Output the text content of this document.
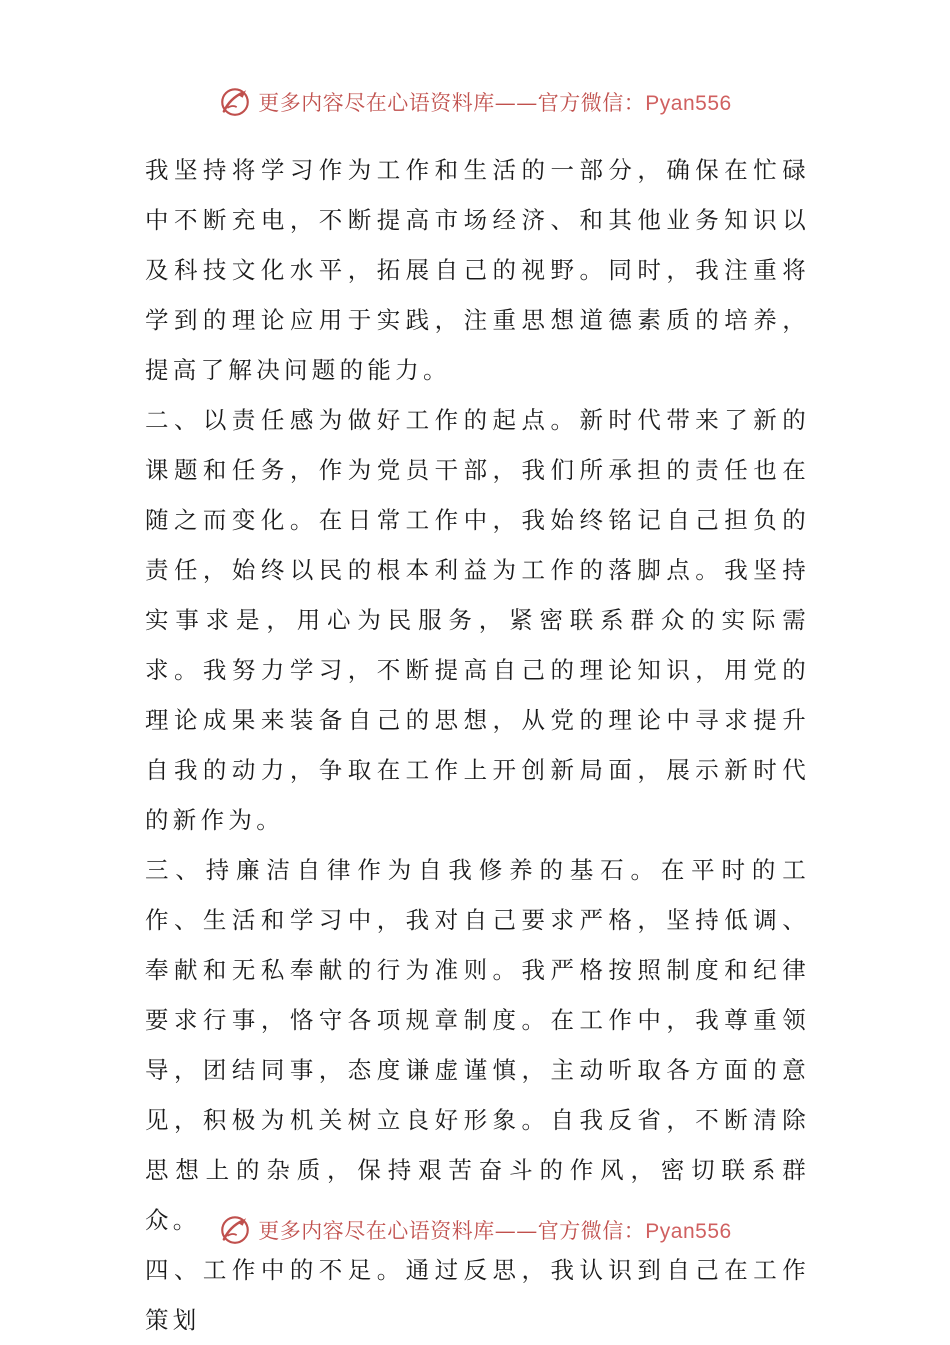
更多内容尽在心语资料库——官方微信：Pyan556

我坚持将学习作为工作和生活的一部分，确保在忙碌中不断充电，不断提高市场经济、和其他业务知识以及科技文化水平，拓展自己的视野。同时，我注重将学到的理论应用于实践，注重思想道德素质的培养，提高了解决问题的能力。

二、以责任感为做好工作的起点。新时代带来了新的课题和任务，作为党员干部，我们所承担的责任也在随之而变化。在日常工作中，我始终铭记自己担负的责任，始终以民的根本利益为工作的落脚点。我坚持实事求是，用心为民服务，紧密联系群众的实际需求。我努力学习，不断提高自己的理论知识，用党的理论成果来装备自己的思想，从党的理论中寻求提升自我的动力，争取在工作上开创新局面，展示新时代的新作为。

三、持廉洁自律作为自我修养的基石。在平时的工作、生活和学习中，我对自己要求严格，坚持低调、奉献和无私奉献的行为准则。我严格按照制度和纪律要求行事，恪守各项规章制度。在工作中，我尊重领导，团结同事，态度谦虚谨慎，主动听取各方面的意见，积极为机关树立良好形象。自我反省，不断清除思想上的杂质，保持艰苦奋斗的作风，密切联系群众。

四、工作中的不足。通过反思，我认识到自己在工作策划

更多内容尽在心语资料库——官方微信：Pyan556
